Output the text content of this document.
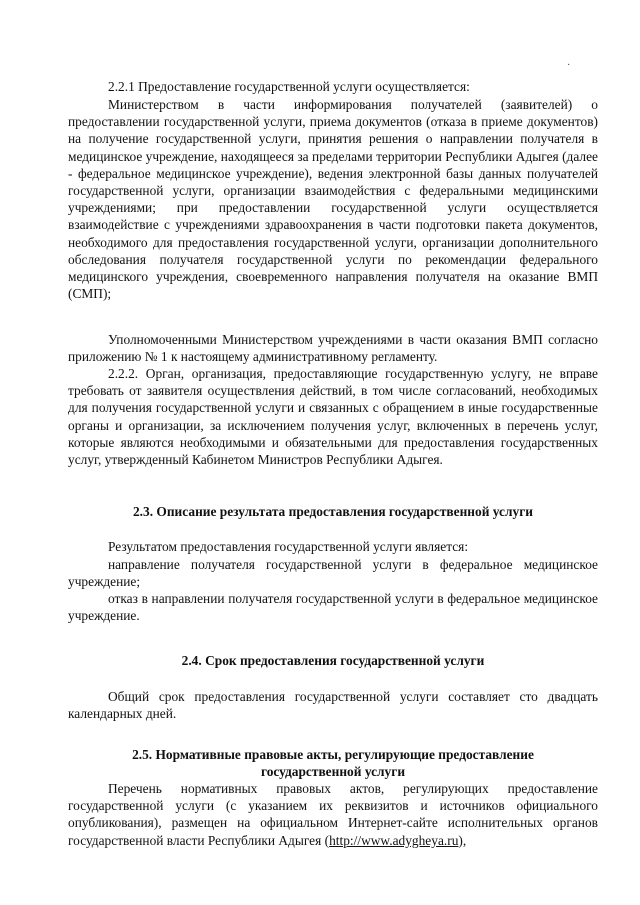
·

2.2.1 Предоставление государственной услуги осуществляется:

Министерством в части информирования получателей (заявителей) о предоставлении государственной услуги, приема документов (отказа в приеме документов) на получение государственной услуги, принятия решения о направлении получателя в медицинское учреждение, находящееся за пределами территории Республики Адыгея (далее - федеральное медицинское учреждение), ведения электронной базы данных получателей государственной услуги, организации взаимодействия с федеральными медицинскими учреждениями; при предоставлении государственной услуги осуществляется взаимодействие с учреждениями здравоохранения в части подготовки пакета документов, необходимого для предоставления государственной услуги, организации дополнительного обследования получателя государственной услуги по рекомендации федерального медицинского учреждения, своевременного направления получателя на оказание ВМП (СМП);

Уполномоченными Министерством учреждениями в части оказания ВМП согласно приложению № 1 к настоящему административному регламенту.

2.2.2. Орган, организация, предоставляющие государственную услугу, не вправе требовать от заявителя осуществления действий, в том числе согласований, необходимых для получения государственной услуги и связанных с обращением в иные государственные органы и организации, за исключением получения услуг, включенных в перечень услуг, которые являются необходимыми и обязательными для предоставления государственных услуг, утвержденный Кабинетом Министров Республики Адыгея.

2.3. Описание результата предоставления государственной услуги

Результатом предоставления государственной услуги является:

направление получателя государственной услуги в федеральное медицинское учреждение;

отказ в направлении получателя государственной услуги в федеральное медицинское учреждение.

2.4. Срок предоставления государственной услуги

Общий срок предоставления государственной услуги составляет сто двадцать календарных дней.

2.5. Нормативные правовые акты, регулирующие предоставление

государственной услуги

Перечень нормативных правовых актов, регулирующих предоставление государственной услуги (с указанием их реквизитов и источников официального опубликования), размещен на официальном Интернет-сайте исполнительных органов государственной власти Республики Адыгея (http://www.adygheya.ru),
